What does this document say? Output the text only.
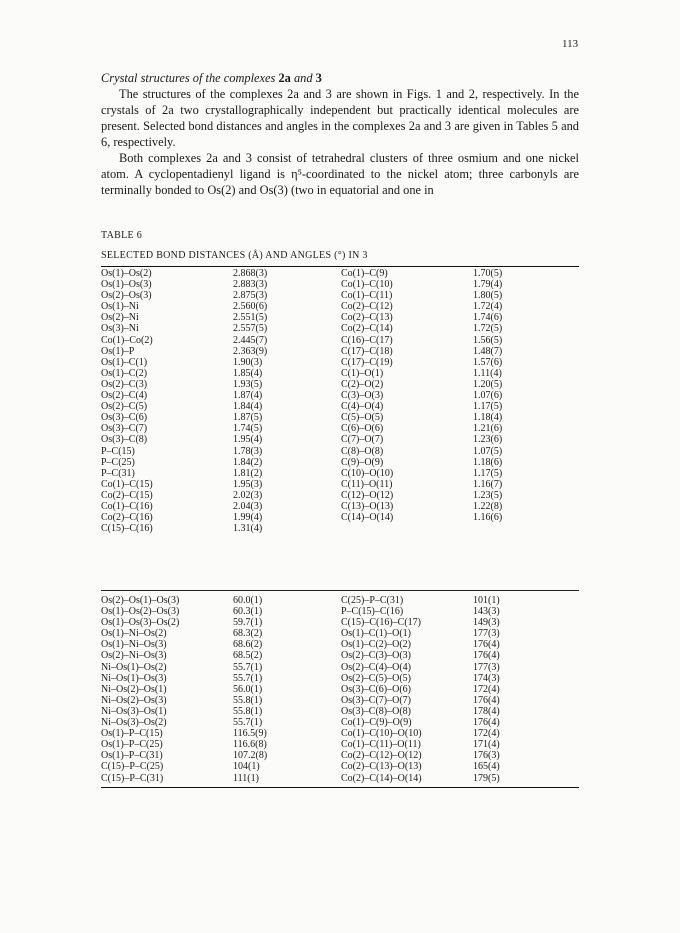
113

Crystal structures of the complexes 2a and 3

The structures of the complexes 2a and 3 are shown in Figs. 1 and 2, respectively. In the crystals of 2a two crystallographically independent but practically identical molecules are present. Selected bond distances and angles in the complexes 2a and 3 are given in Tables 5 and 6, respectively.

Both complexes 2a and 3 consist of tetrahedral clusters of three osmium and one nickel atom. A cyclopentadienyl ligand is η⁵-coordinated to the nickel atom; three carbonyls are terminally bonded to Os(2) and Os(3) (two in equatorial and one in

TABLE 6
SELECTED BOND DISTANCES (Å) AND ANGLES (°) IN 3
Os(1)–Os(2)	2.868(3)	Co(1)–C(9)	1.70(5)
Os(1)–Os(3)	2.883(3)	Co(1)–C(10)	1.79(4)
Os(2)–Os(3)	2.875(3)	Co(1)–C(11)	1.80(5)
Os(1)–Ni	2.560(6)	Co(2)–C(12)	1.72(4)
Os(2)–Ni	2.551(5)	Co(2)–C(13)	1.74(6)
Os(3)–Ni	2.557(5)	Co(2)–C(14)	1.72(5)
Co(1)–Co(2)	2.445(7)	C(16)–C(17)	1.56(5)
Os(1)–P	2.363(9)	C(17)–C(18)	1.48(7)
Os(1)–C(1)	1.90(3)	C(17)–C(19)	1.57(6)
Os(1)–C(2)	1.85(4)	C(1)–O(1)	1.11(4)
Os(2)–C(3)	1.93(5)	C(2)–O(2)	1.20(5)
Os(2)–C(4)	1.87(4)	C(3)–O(3)	1.07(6)
Os(2)–C(5)	1.84(4)	C(4)–O(4)	1.17(5)
Os(3)–C(6)	1.87(5)	C(5)–O(5)	1.18(4)
Os(3)–C(7)	1.74(5)	C(6)–O(6)	1.21(6)
Os(3)–C(8)	1.95(4)	C(7)–O(7)	1.23(6)
P–C(15)	1.78(3)	C(8)–O(8)	1.07(5)
P–C(25)	1.84(2)	C(9)–O(9)	1.18(6)
P–C(31)	1.81(2)	C(10)–O(10)	1.17(5)
Co(1)–C(15)	1.95(3)	C(11)–O(11)	1.16(7)
Co(2)–C(15)	2.02(3)	C(12)–O(12)	1.23(5)
Co(1)–C(16)	2.04(3)	C(13)–O(13)	1.22(8)
Co(2)–C(16)	1.99(4)	C(14)–O(14)	1.16(6)
C(15)–C(16)	1.31(4)
Os(2)–Os(1)–Os(3)	60.0(1)	C(25)–P–C(31)	101(1)
Os(1)–Os(2)–Os(3)	60.3(1)	P–C(15)–C(16)	143(3)
Os(1)–Os(3)–Os(2)	59.7(1)	C(15)–C(16)–C(17)	149(3)
Os(1)–Ni–Os(2)	68.3(2)	Os(1)–C(1)–O(1)	177(3)
Os(1)–Ni–Os(3)	68.6(2)	Os(1)–C(2)–O(2)	176(4)
Os(2)–Ni–Os(3)	68.5(2)	Os(2)–C(3)–O(3)	176(4)
Ni–Os(1)–Os(2)	55.7(1)	Os(2)–C(4)–O(4)	177(3)
Ni–Os(1)–Os(3)	55.7(1)	Os(2)–C(5)–O(5)	174(3)
Ni–Os(2)–Os(1)	56.0(1)	Os(3)–C(6)–O(6)	172(4)
Ni–Os(2)–Os(3)	55.8(1)	Os(3)–C(7)–O(7)	176(4)
Ni–Os(3)–Os(1)	55.8(1)	Os(3)–C(8)–O(8)	178(4)
Ni–Os(3)–Os(2)	55.7(1)	Co(1)–C(9)–O(9)	176(4)
Os(1)–P–C(15)	116.5(9)	Co(1)–C(10)–O(10)	172(4)
Os(1)–P–C(25)	116.6(8)	Co(1)–C(11)–O(11)	171(4)
Os(1)–P–C(31)	107.2(8)	Co(2)–C(12)–O(12)	176(3)
C(15)–P–C(25)	104(1)	Co(2)–C(13)–O(13)	165(4)
C(15)–P–C(31)	111(1)	Co(2)–C(14)–O(14)	179(5)
